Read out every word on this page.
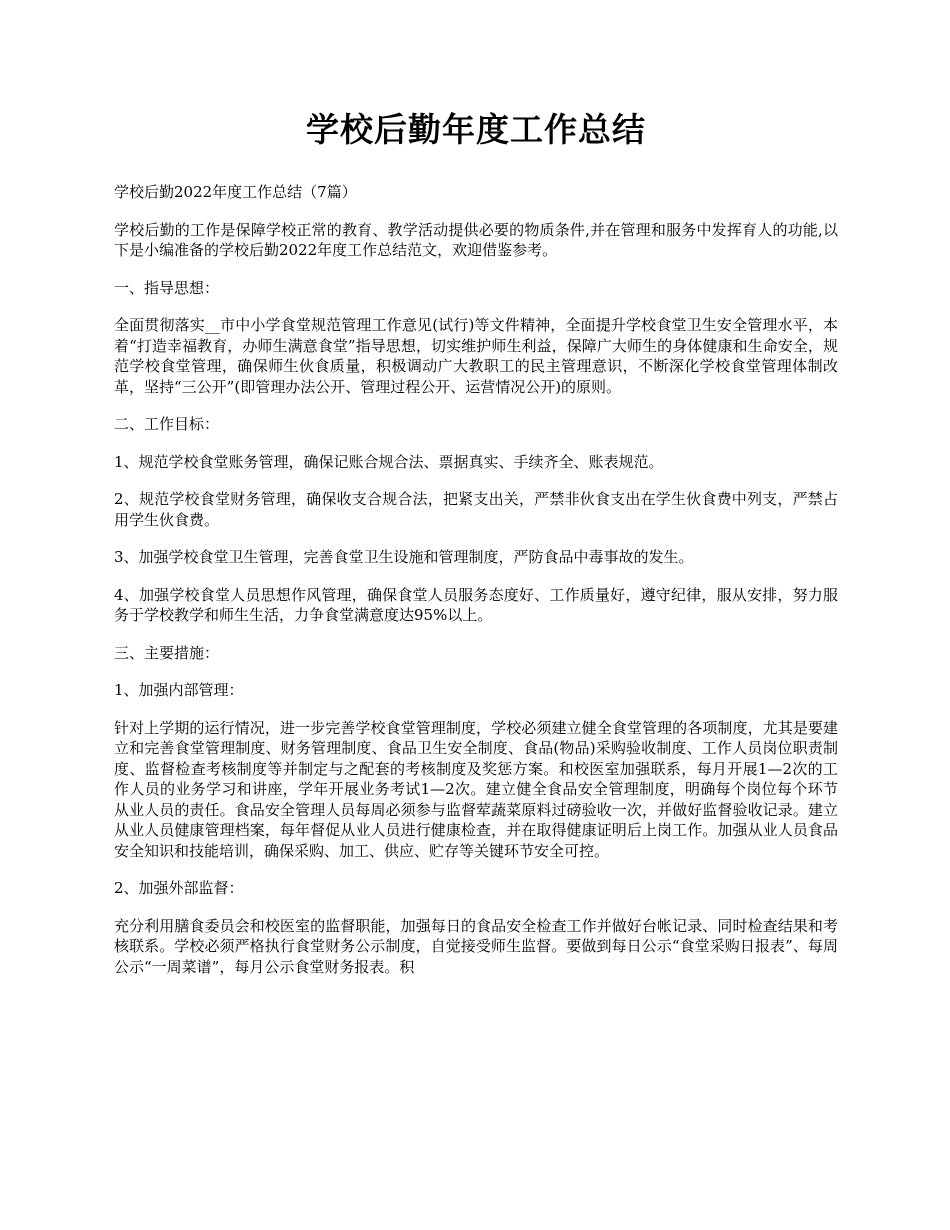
学校后勤年度工作总结

学校后勤2022年度工作总结（7篇）

学校后勤的工作是保障学校正常的教育、教学活动提供必要的物质条件,并在管理和服务中发挥育人的功能,以下是小编准备的学校后勤2022年度工作总结范文，欢迎借鉴参考。

一、指导思想：

全面贯彻落实__市中小学食堂规范管理工作意见(试行)等文件精神，全面提升学校食堂卫生安全管理水平，本着“打造幸福教育，办师生满意食堂”指导思想，切实维护师生利益，保障广大师生的身体健康和生命安全，规范学校食堂管理，确保师生伙食质量，积极调动广大教职工的民主管理意识，不断深化学校食堂管理体制改革，坚持“三公开”(即管理办法公开、管理过程公开、运营情况公开)的原则。

二、工作目标：

1、规范学校食堂账务管理，确保记账合规合法、票据真实、手续齐全、账表规范。

2、规范学校食堂财务管理，确保收支合规合法，把紧支出关，严禁非伙食支出在学生伙食费中列支，严禁占用学生伙食费。

3、加强学校食堂卫生管理，完善食堂卫生设施和管理制度，严防食品中毒事故的发生。

4、加强学校食堂人员思想作风管理，确保食堂人员服务态度好、工作质量好，遵守纪律，服从安排，努力服务于学校教学和师生生活，力争食堂满意度达95%以上。

三、主要措施：

1、加强内部管理：

针对上学期的运行情况，进一步完善学校食堂管理制度，学校必须建立健全食堂管理的各项制度，尤其是要建立和完善食堂管理制度、财务管理制度、食品卫生安全制度、食品(物品)采购验收制度、工作人员岗位职责制度、监督检查考核制度等并制定与之配套的考核制度及奖惩方案。和校医室加强联系，每月开展1—2次的工作人员的业务学习和讲座，学年开展业务考试1—2次。建立健全食品安全管理制度，明确每个岗位每个环节从业人员的责任。食品安全管理人员每周必须参与监督荤蔬菜原料过磅验收一次，并做好监督验收记录。建立从业人员健康管理档案，每年督促从业人员进行健康检查，并在取得健康证明后上岗工作。加强从业人员食品安全知识和技能培训，确保采购、加工、供应、贮存等关键环节安全可控。

2、加强外部监督：

充分利用膳食委员会和校医室的监督职能，加强每日的食品安全检查工作并做好台帐记录、同时检查结果和考核联系。学校必须严格执行食堂财务公示制度，自觉接受师生监督。要做到每日公示“食堂采购日报表”、每周公示“一周菜谱”，每月公示食堂财务报表。积
